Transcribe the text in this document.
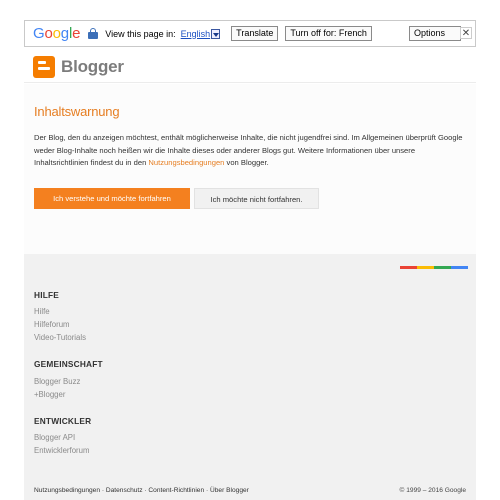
Google	View this page in: English	Translate	Turn off for: French	Options	✕
Blogger
Inhaltswarnung
Der Blog, den du anzeigen möchtest, enthält möglicherweise Inhalte, die nicht jugendfrei sind. Im Allgemeinen überprüft Google weder Blog-Inhalte noch heißen wir die Inhalte dieses oder anderer Blogs gut. Weitere Informationen über unsere Inhaltsrichtlinien findest du in den Nutzungsbedingungen von Blogger.
Ich verstehe und möchte fortfahren	Ich möchte nicht fortfahren.
HILFE
Hilfe
Hilfeforum
Video-Tutorials
GEMEINSCHAFT
Blogger Buzz
+Blogger
ENTWICKLER
Blogger API
Entwicklerforum
Nutzungsbedingungen · Datenschutz · Content-Richtlinien · Über Blogger	© 1999 – 2016 Google
